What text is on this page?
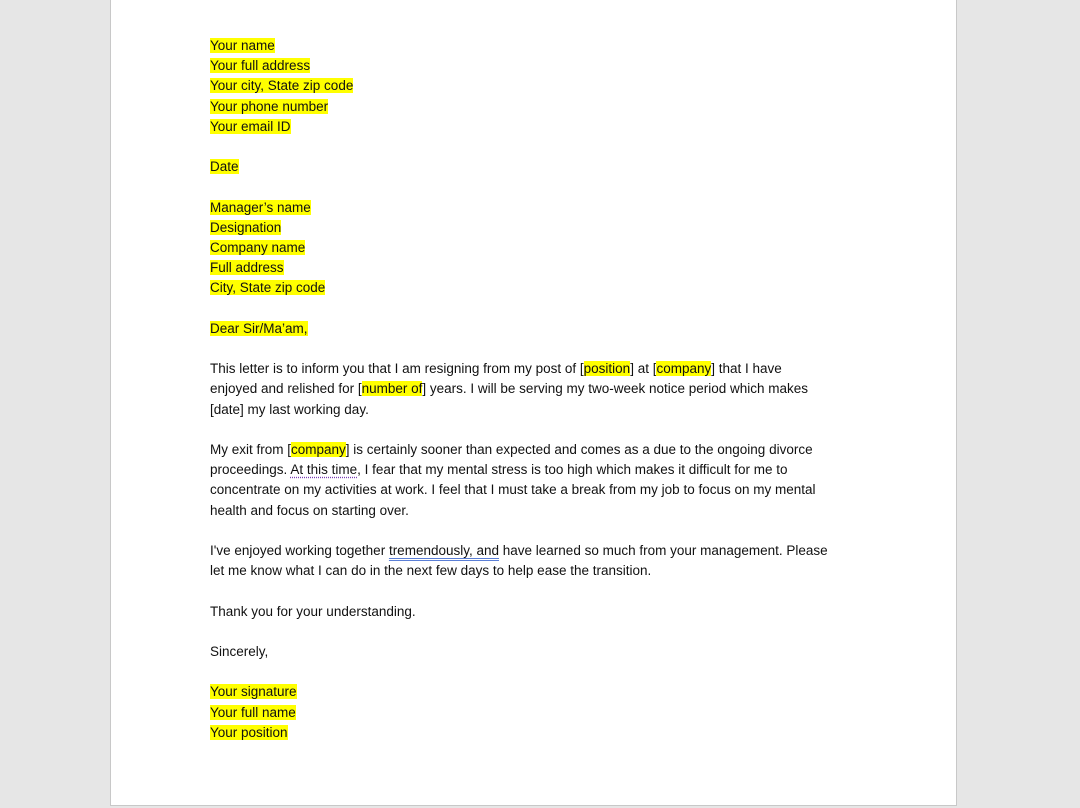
Your name
Your full address
Your city, State zip code
Your phone number
Your email ID
Date
Manager’s name
Designation
Company name
Full address
City, State zip code
Dear Sir/Ma’am,
This letter is to inform you that I am resigning from my post of [position] at [company] that I have
enjoyed and relished for [number of] years. I will be serving my two-week notice period which makes
[date] my last working day.
My exit from [company] is certainly sooner than expected and comes as a due to the ongoing divorce
proceedings. At this time, I fear that my mental stress is too high which makes it difficult for me to
concentrate on my activities at work. I feel that I must take a break from my job to focus on my mental
health and focus on starting over.
I've enjoyed working together tremendously, and have learned so much from your management. Please
let me know what I can do in the next few days to help ease the transition.
Thank you for your understanding.
Sincerely,
Your signature
Your full name
Your position
